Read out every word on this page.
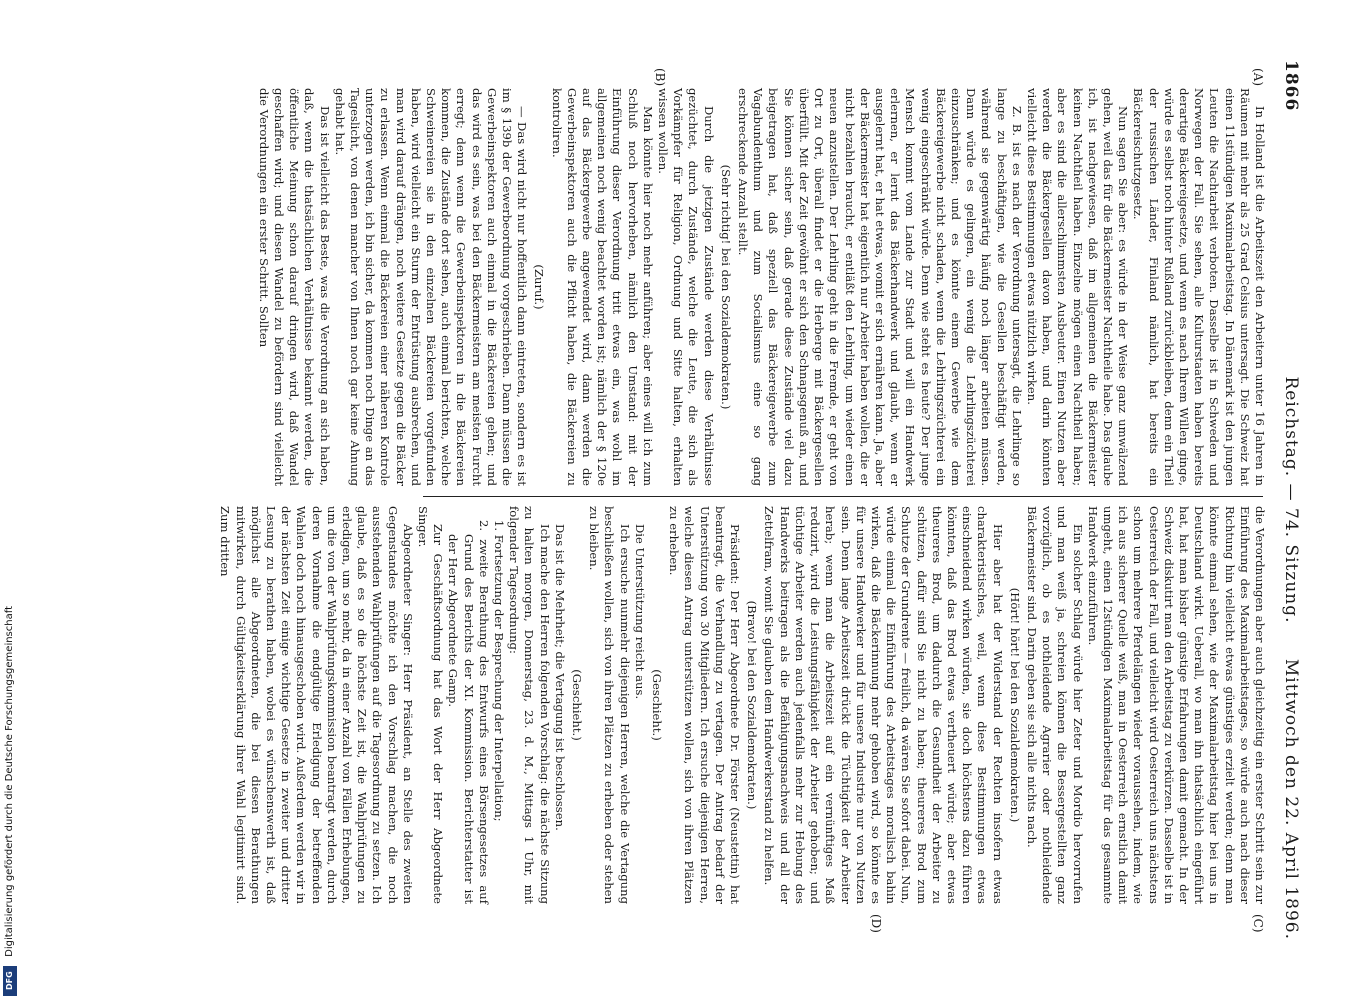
1866
Reichstag. — 74. Sitzung.
Mittwoch den 22. April 1896.
(A)
(B)
(C)
(D)

In Holland ist die Arbeitszeit den Arbeitern unter 16 Jahren in Räumen mit mehr als 25 Grad Celsius untersagt. Die Schweiz hat einen 11stündigen Maximalarbeitstag. In Dänemark ist den jungen Leuten die Nachtarbeit verboten. Dasselbe ist in Schweden und Norwegen der Fall. Sie sehen, alle Kulturstaaten haben bereits derartige Bäckereigesetze, und wenn es nach Ihrem Willen ginge, würde es selbst noch hinter Rußland zurückbleiben, denn ein Theil der russischen Länder, Finland nämlich, hat bereits ein Bäckereischutzgesetz.

Nun sagen Sie aber: es würde in der Weise ganz umwälzend gehen, weil das für die Bäckermeister Nachtheile habe. Das glaube ich, ist nachgewiesen, daß im allgemeinen die Bäckermeister keinen Nachtheil haben. Einzelne mögen einen Nachtheil haben; aber es sind die allerschlimmsten Ausbeuter. Einen Nutzen aber werden die Bäckergesellen davon haben, und darin könnten vielleicht diese Bestimmungen etwas nützlich wirken.

Z. B. ist es nach der Verordnung untersagt, die Lehrlinge so lange zu beschäftigen, wie die Gesellen beschäftigt werden, während sie gegenwärtig häufig noch länger arbeiten müssen. Dann würde es gelingen, ein wenig die Lehrlingszüchterei einzuschränken; und es könnte einem Gewerbe wie dem Bäckereigewerbe nicht schaden, wenn die Lehrlingszüchterei ein wenig eingeschränkt würde. Denn wie steht es heute? Der junge Mensch kommt vom Lande zur Stadt und will ein Handwerk erlernen, er lernt das Bäckerhandwerk und glaubt, wenn er ausgelernt hat, er hat etwas, womit er sich ernähren kann. Ja, aber der Bäckermeister hat eigentlich nur Arbeiter haben wollen, die er nicht bezahlen braucht, er entläßt den Lehrling, um wieder einen neuen anzustellen. Der Lehrling geht in die Fremde, er geht von Ort zu Ort, überall findet er die Herberge mit Bäckergesellen überfüllt. Mit der Zeit gewöhnt er sich den Schnapsgenuß an, und Sie können sicher sein, daß gerade diese Zustände viel dazu beigetragen hat, daß speziell das Bäckereigewerbe zum Vagabundenthum und zum Socialismus eine so gang erschreckende Anzahl stellt.

(Sehr richtig! bei den Sozialdemokraten.)

Durch die jetzigen Zustände werden diese Verhältnisse gezüchtet, durch Zustände, welche die Leute, die sich als Vorkämpfer für Religion, Ordnung und Sitte halten, erhalten wissen wollen.

Man könnte hier noch mehr anführen; aber eines will ich zum Schluß noch hervorheben, nämlich den Umstand: mit der Einführung dieser Verordnung tritt etwas ein, was wohl im allgemeinen noch wenig beachtet worden ist; nämlich der § 120e auf das Bäckergewerbe angewendet wird, dann werden die Gewerbeinspektoren auch die Pflicht haben, die Bäckereien zu kontroliren.

(Zuruf.)

— Das wird nicht nur hoffentlich dann eintreten, sondern es ist im § 139b der Gewerbeordnung vorgeschrieben. Dann müssen die Gewerbeinspektoren auch einmal in die Bäckereien gehen; und das wird es sein, was bei den Bäckermeistern am meisten Furcht erregt; denn wenn die Gewerbeinspektoren in die Bäckereien kommen, die Zustände dort sehen, auch einmal berichten, welche Schweinereien sie in den einzelnen Bäckereien vorgefunden haben, wird vielleicht ein Sturm der Entrüstung ausbrechen, und man wird darauf drängen, noch weitere Gesetze gegen die Bäcker zu erlassen. Wenn einmal die Bäckereien einer näheren Kontrole unterzogen werden, ich bin sicher, da kommen noch Dinge an das Tageslicht, von denen mancher von Ihnen noch gar keine Ahnung gehabt hat.

Das ist vielleicht das Beste, was die Verordnung an sich haben, daß, wenn die thatsächlichen Verhältnisse bekannt werden, die öffentliche Meinung schon darauf dringen wird, daß Wandel geschaffen wird; und diesen Wandel zu befördern sind vielleicht die Verordnungen ein erster Schritt. Sollten

die Verordnungen aber auch gleichzeitig ein erster Schritt sein zur Einführung des Maximalarbeitstages, so würde auch nach dieser Richtung hin vielleicht etwas günstiges erzielt werden; denn man könnte einmal sehen, wie der Maximalarbeitstag hier bei uns in Deutschland wirkt. Ueberall, wo man ihn thatsächlich eingeführt hat, hat man bisher günstige Erfahrungen damit gemacht. In der Schweiz diskutirt man den Arbeitstag zu verkürzen. Dasselbe ist in Oesterreich der Fall, und vielleicht wird Oesterreich uns nächstens schon um mehrere Pferdelängen wieder voraussehen, indem, wie ich aus sicherer Quelle weiß, man in Oesterreich ernstlich damit umgeht, einen 12stündigen Maximalarbeitstag für das gesammte Handwerk einzuführen.

Ein solcher Schlag würde hier Zeter und Mordio hervorrufen und man weiß ja, schreien können die Bessergestellten ganz vorzüglich, ob es nothleidende Agrarier oder nothleidende Bäckermeister sind. Darin geben sie sich alle nichts nach.

(Hört! hört! bei den Sozialdemokraten.)

Hier aber hat der Widerstand der Rechten insofern etwas charakteristisches, weil, wenn diese Bestimmungen etwas einschneidend wirken würden, sie doch höchstens dazu führen könnten, daß das Brod etwas vertheuert würde; aber etwas theureres Brod, um dadurch die Gesundheit der Arbeiter zu schützen, dafür sind Sie nicht zu haben; theureres Brod zum Schutze der Grundrente — freilich, da wären Sie sofort dabei. Nun, würde einmal die Einführung des Arbeitstages moralisch bahin wirken, daß die Bäckerinnung mehr gehoben wird, so könnte es für unsere Handwerker und für unsere Industrie nur von Nutzen sein. Denn lange Arbeitszeit drückt die Tüchtigkeit der Arbeiter herab; wenn man die Arbeitszeit auf ein vernünftiges Maß reduzirt, wird die Leistungsfähigkeit der Arbeiter gehoben; und tüchtige Arbeiter werden auch jedenfalls mehr zur Hebung des Handwerks beitragen als die Befähigungsnachweis und all der Zettelfram, womit Sie glauben dem Handwerkerstand zu helfen.

(Bravo! bei den Sozialdemokraten.)

Präsident: Der Herr Abgeordnete Dr. Förster (Neustettin) hat beantragt, die Verhandlung zu vertagen. Der Antrag bedarf der Unterstützung von 30 Mitgliedern. Ich ersuche diejenigen Herren, welche diesen Antrag unterstützen wollen, sich von ihren Plätzen zu erheben.

(Geschieht.)

Die Unterstützung reicht aus.

Ich ersuche nunmehr diejenigen Herren, welche die Vertagung beschließen wollen, sich von ihren Plätzen zu erheben oder stehen zu bleiben.

(Geschieht.)

Das ist die Mehrheit; die Vertagung ist beschlossen.

Ich mache den Herren folgenden Vorschlag: die nächste Sitzung zu halten morgen, Donnerstag, 23. d. M., Mittags 1 Uhr, mit folgender Tagesordnung:

1. Fortsetzung der Besprechung der Interpellation;

2. zweite Berathung des Entwurfs eines Börsengesetzes auf Grund des Berichts der XI. Kommission. Berichterstatter ist der Herr Abgeordnete Gamp.

Zur Geschäftsordnung hat das Wort der Herr Abgeordnete Singer.

Abgeordneter Singer: Herr Präsident, an Stelle des zweiten Gegenstandes möchte ich den Vorschlag machen, die noch ausstehenden Wahlprüfungen auf die Tagesordnung zu setzen. Ich glaube, daß es so die höchste Zeit ist, die Wahlprüfungen zu erledigen, um so mehr, da in einer Anzahl von Fällen Erhebungen, um die von der Wahlprüfungskommission beantragt werden, durch deren Vornahme die endgültige Erledigung der betreffenden Wahlen doch noch hinausgeschoben wird. Außerdem werden wir in der nächsten Zeit einige wichtige Gesetze in zweiter und dritter Lesung zu berathen haben, wobei es wünschenswerth ist, daß möglichst alle Abgeordneten, die bei diesen Berathungen mitwirken, durch Gültigkeitserklärung ihrer Wahl legitimirt sind. Zum dritten

Digitalisierung gefördert durch die Deutsche Forschungsgemeinschaft
DFG
